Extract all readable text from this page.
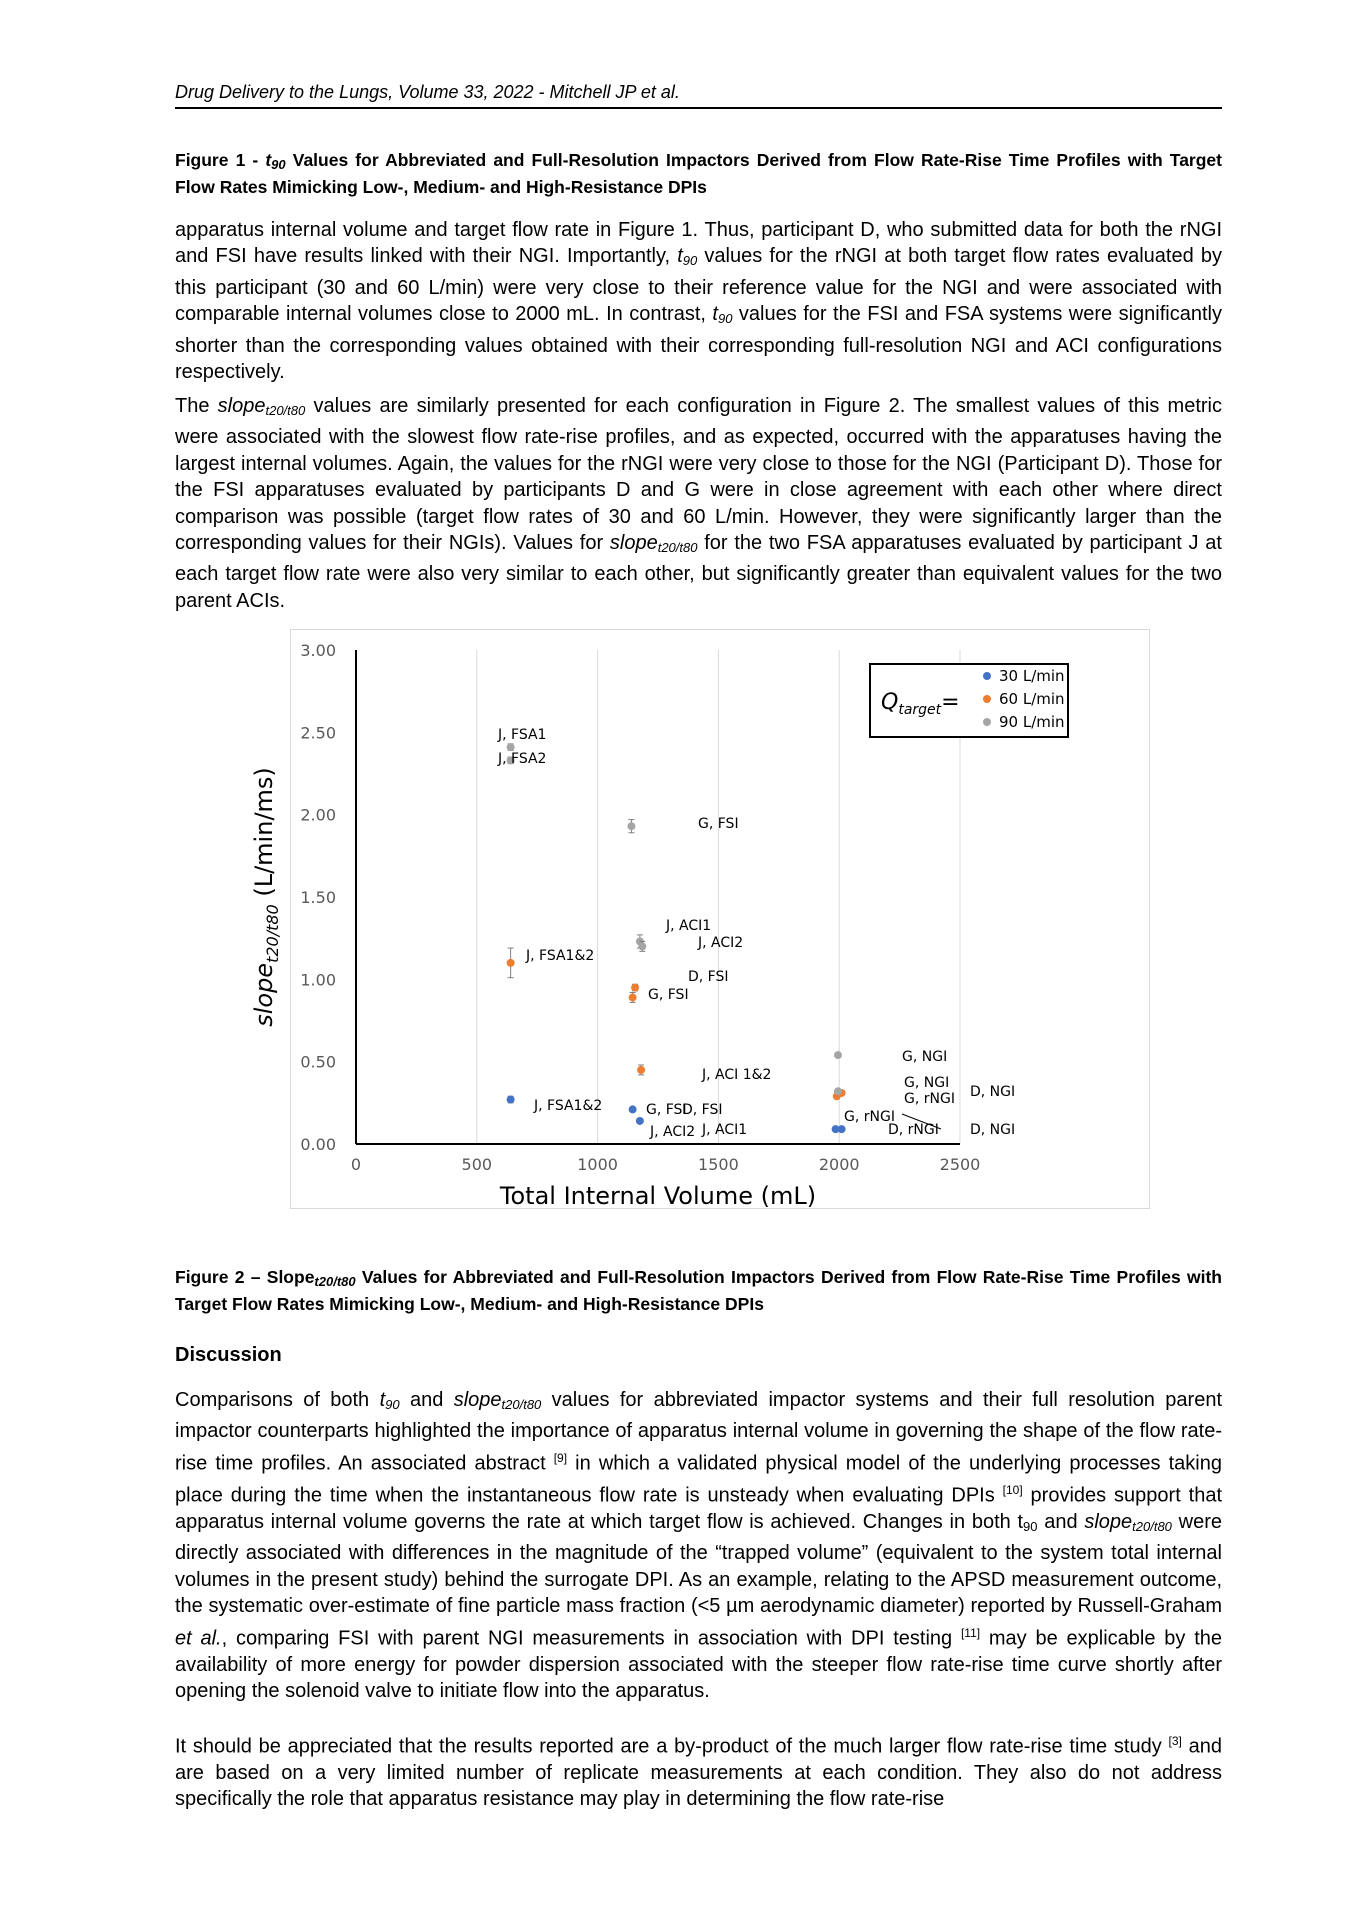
Drug Delivery to the Lungs, Volume 33, 2022 - Mitchell JP et al.
Figure $1 - t_{90}$ Values for Abbreviated and Full-Resolution Impactors Derived from Flow Rate-Rise Time Profiles with Target Flow Rates Mimicking Low-, Medium- and High-Resistance DPIs

apparatus internal volume and target flow rate in Figure 1. Thus, participant D, who submitted data for both the rNGI and FSI have results linked with their NGI. Importantly, $t_{90}$ values for the rNGI at both target flow rates evaluated by this participant (30 and 60 L/min) were very close to their reference value for the NGI and were associated with comparable internal volumes close to 2000 mL. In contrast, $t_{90}$ values for the FSI and FSA systems were significantly shorter than the corresponding values obtained with their corresponding full-resolution NGI and ACI configurations respectively.

The slope$_{t20/t80}$ values are similarly presented for each configuration in Figure 2. The smallest values of this metric were associated with the slowest flow rate-rise profiles, and as expected, occurred with the apparatuses having the largest internal volumes. Again, the values for the rNGI were very close to those for the NGI (Participant D). Those for the FSI apparatuses evaluated by participants D and G were in close agreement with each other where direct comparison was possible (target flow rates of 30 and 60 L/min. However, they were significantly larger than the corresponding values for their NGIs). Values for slope$_{t20/t80}$ for the two FSA apparatuses evaluated by participant J at each target flow rate were also very similar to each other, but significantly greater than equivalent values for the two parent ACIs.

0	500	1000	1500	2000	2500
0.00
0.50
1.00
1.50
2.00
2.50
3.00
Total Internal Volume (mL)
slope$_{t20/t80}$ (L/min/ms)
J, FSA1
J, FSA2
G, FSI
J, ACI1
J, ACI2
J, FSA1&2
D, FSI
G, FSI
G, NGI
J, ACI 1&2	G, NGI
G, rNGI D, NGI
J, FSA1&2	G, FSI
D, FSI	G, rNGI
J, ACI2 J, ACI1	D, rNGI D, NGI
$Q_{target}=$
30 L/min
60 L/min
90 L/min
Figure 2 – Slope$_{t20/t80}$ Values for Abbreviated and Full-Resolution Impactors Derived from Flow Rate-Rise Time Profiles with Target Flow Rates Mimicking Low-, Medium- and High-Resistance DPIs
Discussion

Comparisons of both $t_{90}$ and slope$_{t20/t80}$ values for abbreviated impactor systems and their full resolution parent impactor counterparts highlighted the importance of apparatus internal volume in governing the shape of the flow rate-rise time profiles. An associated abstract [9] in which a validated physical model of the underlying processes taking place during the time when the instantaneous flow rate is unsteady when evaluating DPIs [10] provides support that apparatus internal volume governs the rate at which target flow is achieved. Changes in both $t_{90}$ and slope$_{t20/t80}$ were directly associated with differences in the magnitude of the “trapped volume” (equivalent to the system total internal volumes in the present study) behind the surrogate DPI. As an example, relating to the APSD measurement outcome, the systematic over-estimate of fine particle mass fraction (<5 µm aerodynamic diameter) reported by Russell-Graham et al., comparing FSI with parent NGI measurements in association with DPI testing [11] may be explicable by the availability of more energy for powder dispersion associated with the steeper flow rate-rise time curve shortly after opening the solenoid valve to initiate flow into the apparatus.

It should be appreciated that the results reported are a by-product of the much larger flow rate-rise time study [3] and are based on a very limited number of replicate measurements at each condition. They also do not address specifically the role that apparatus resistance may play in determining the flow rate-rise
